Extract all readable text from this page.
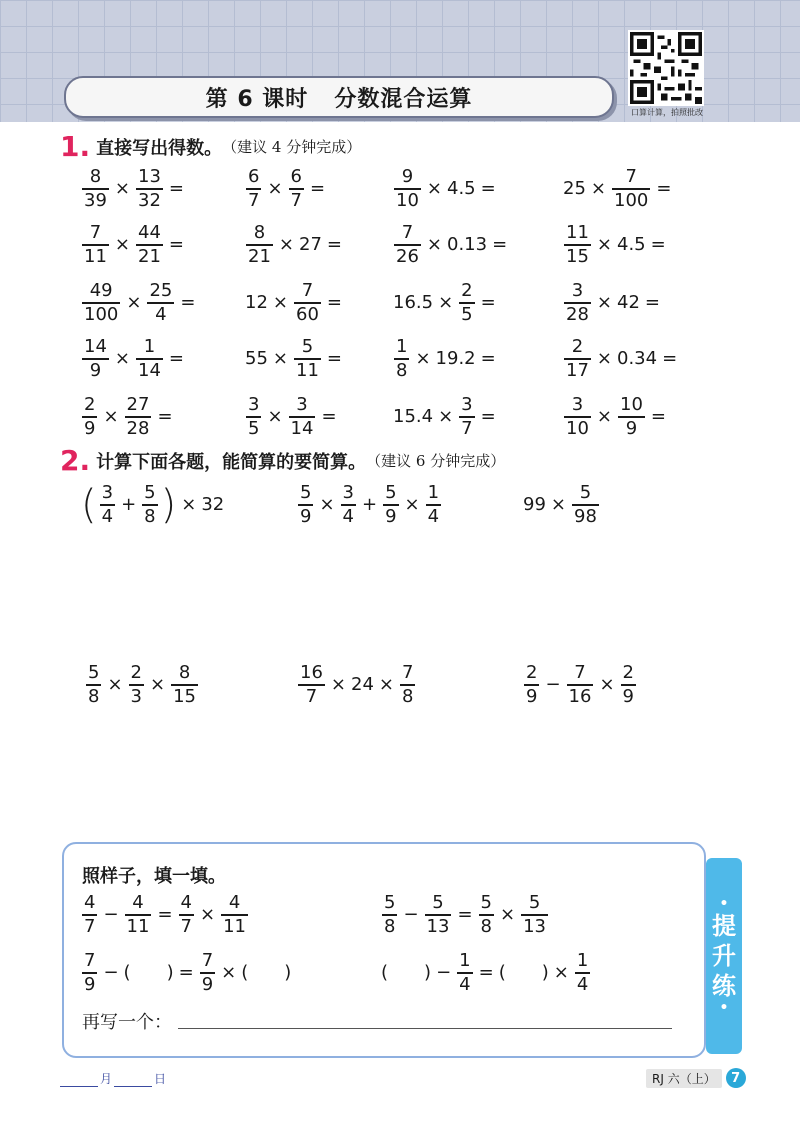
第 6 课时 分数混合运算
口算计算，拍照批改
1. 直接写出得数。 （建议 4 分钟完成）
$\frac{8}{39} \times \frac{13}{32}$ =	$\frac{6}{7} \times \frac{6}{7}$ =	$\frac{9}{10} \times 4.5$ =	$25 \times \frac{7}{100}$ =
$\frac{7}{11} \times \frac{44}{21}$ =	$\frac{8}{21} \times 27$ =	$\frac{7}{26} \times 0.13$ =	$\frac{11}{15} \times 4.5$ =
$\frac{49}{100} \times \frac{25}{4}$ =	$12 \times \frac{7}{60}$ =	$16.5 \times \frac{2}{5}$ =	$\frac{3}{28} \times 42$ =
$\frac{14}{9} \times \frac{1}{14}$ =	$55 \times \frac{5}{11}$ =	$\frac{1}{8} \times 19.2$ =	$\frac{2}{17} \times 0.34$ =
$\frac{2}{9} \times \frac{27}{28}$ =	$\frac{3}{5} \times \frac{3}{14}$ =	$15.4 \times \frac{3}{7}$ =	$\frac{3}{10} \times \frac{10}{9}$ =
2. 计算下面各题，能简算的要简算。 （建议 6 分钟完成）
( $\frac{3}{4} + \frac{5}{8}$ ) × 32	$\frac{5}{9} \times \frac{3}{4} + \frac{5}{9} \times \frac{1}{4}$	$99 \times \frac{5}{98}$
$\frac{5}{8} \times \frac{2}{3} \times \frac{8}{15}$	$\frac{16}{7} \times 24 \times \frac{7}{8}$	$\frac{2}{9} - \frac{7}{16} \times \frac{2}{9}$
照样子，填一填。
•
提
升
练
•
$\frac{4}{7} - \frac{4}{11} = \frac{4}{7} \times \frac{4}{11}$	$\frac{5}{8} - \frac{5}{13} = \frac{5}{8} \times \frac{5}{13}$
$\frac{7}{9}$ − ( ) = $\frac{7}{9}$ × ( )	( ) − $\frac{1}{4}$ = ( ) × $\frac{1}{4}$
再写一个：
月	日	RJ 六（上）	7
